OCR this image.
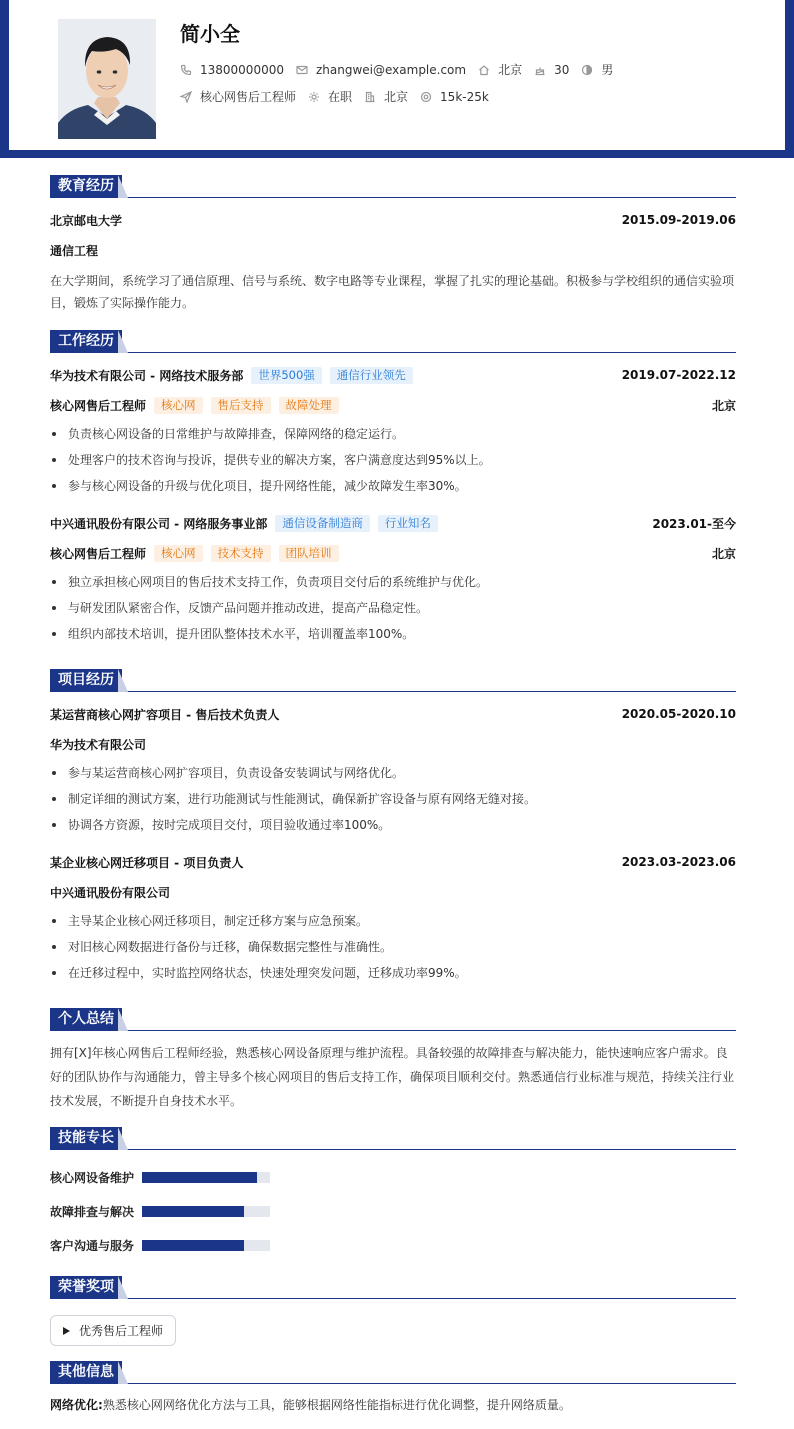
简小全
13800000000	zhangwei@example.com	北京	30	男
核心网售后工程师	在职	北京	15k-25k
教育经历
北京邮电大学	2015.09-2019.06
通信工程
在大学期间，系统学习了通信原理、信号与系统、数字电路等专业课程，掌握了扎实的理论基础。积极参与学校组织的通信实验项目，锻炼了实际操作能力。
工作经历
华为技术有限公司 - 网络技术服务部	世界500强	通信行业领先	2019.07-2022.12
核心网售后工程师	核心网	售后支持	故障处理	北京
负责核心网设备的日常维护与故障排查，保障网络的稳定运行。
处理客户的技术咨询与投诉，提供专业的解决方案，客户满意度达到95%以上。
参与核心网设备的升级与优化项目，提升网络性能，减少故障发生率30%。
中兴通讯股份有限公司 - 网络服务事业部	通信设备制造商	行业知名	2023.01-至今
核心网售后工程师	核心网	技术支持	团队培训	北京
独立承担核心网项目的售后技术支持工作，负责项目交付后的系统维护与优化。
与研发团队紧密合作，反馈产品问题并推动改进，提高产品稳定性。
组织内部技术培训，提升团队整体技术水平，培训覆盖率100%。
项目经历
某运营商核心网扩容项目 - 售后技术负责人	2020.05-2020.10
华为技术有限公司
参与某运营商核心网扩容项目，负责设备安装调试与网络优化。
制定详细的测试方案，进行功能测试与性能测试，确保新扩容设备与原有网络无缝对接。
协调各方资源，按时完成项目交付，项目验收通过率100%。
某企业核心网迁移项目 - 项目负责人	2023.03-2023.06
中兴通讯股份有限公司
主导某企业核心网迁移项目，制定迁移方案与应急预案。
对旧核心网数据进行备份与迁移，确保数据完整性与准确性。
在迁移过程中，实时监控网络状态，快速处理突发问题，迁移成功率99%。
个人总结
拥有[X]年核心网售后工程师经验，熟悉核心网设备原理与维护流程。具备较强的故障排查与解决能力，能快速响应客户需求。良好的团队协作与沟通能力，曾主导多个核心网项目的售后支持工作，确保项目顺利交付。熟悉通信行业标准与规范，持续关注行业技术发展，不断提升自身技术水平。
技能专长
核心网设备维护
故障排查与解决
客户沟通与服务
荣誉奖项
优秀售后工程师
其他信息
网络优化:熟悉核心网网络优化方法与工具，能够根据网络性能指标进行优化调整，提升网络质量。
